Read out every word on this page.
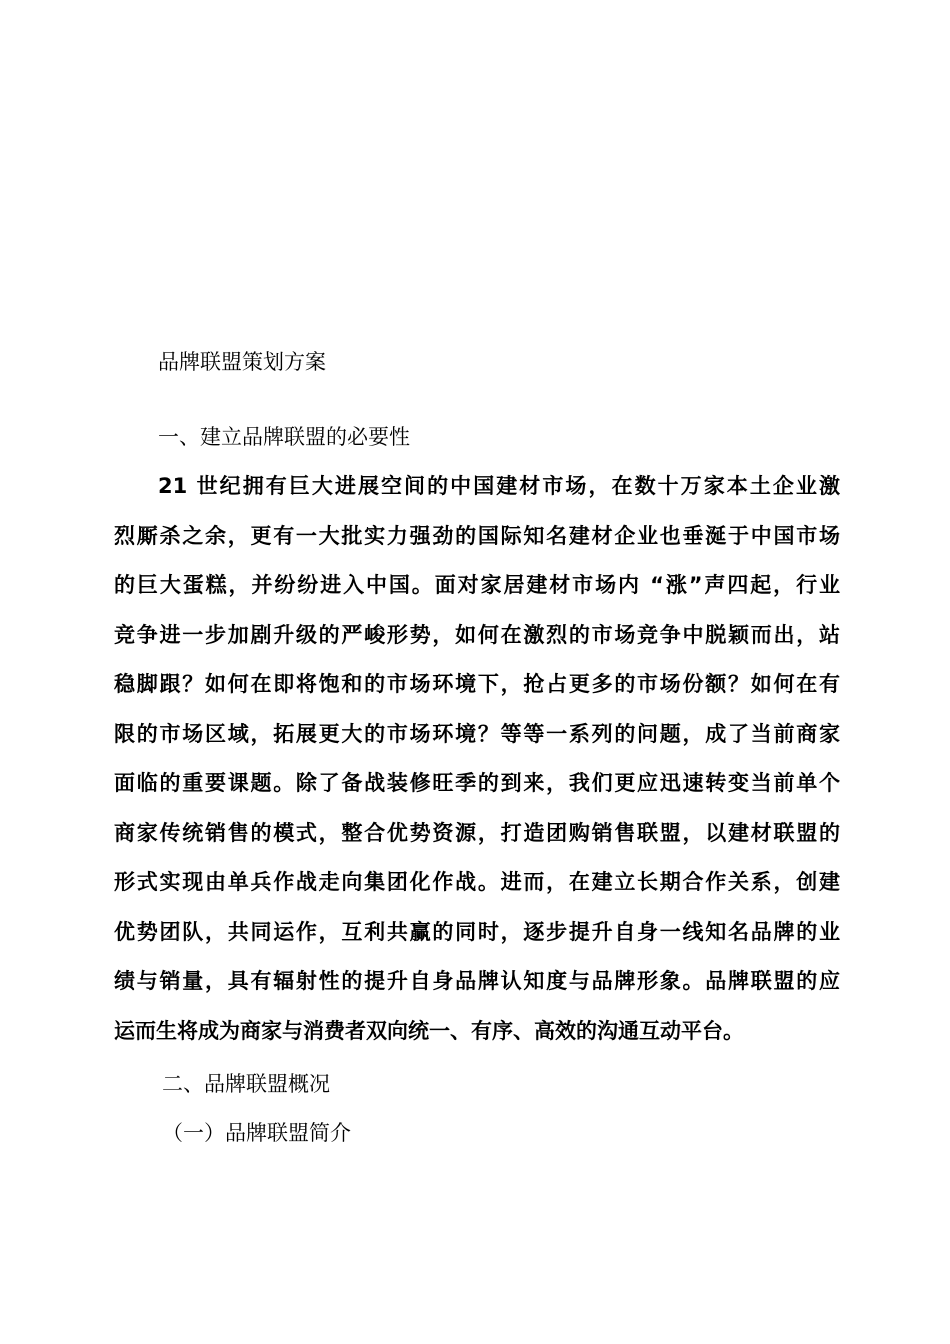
品牌联盟策划方案
一、建立品牌联盟的必要性
21 世纪拥有巨大进展空间的中国建材市场，在数十万家本土企业激
烈厮杀之余，更有一大批实力强劲的国际知名建材企业也垂涎于中国市场
的巨大蛋糕，并纷纷进入中国。面对家居建材市场内 “涨”声四起，行业
竞争进一步加剧升级的严峻形势，如何在激烈的市场竞争中脱颖而出，站
稳脚跟？如何在即将饱和的市场环境下，抢占更多的市场份额？如何在有
限的市场区域，拓展更大的市场环境？等等一系列的问题，成了当前商家
面临的重要课题。除了备战装修旺季的到来，我们更应迅速转变当前单个
商家传统销售的模式，整合优势资源，打造团购销售联盟，以建材联盟的
形式实现由单兵作战走向集团化作战。进而，在建立长期合作关系，创建
优势团队，共同运作，互利共赢的同时，逐步提升自身一线知名品牌的业
绩与销量，具有辐射性的提升自身品牌认知度与品牌形象。品牌联盟的应
运而生将成为商家与消费者双向统一、有序、高效的沟通互动平台。
二、品牌联盟概况
（一）品牌联盟简介
